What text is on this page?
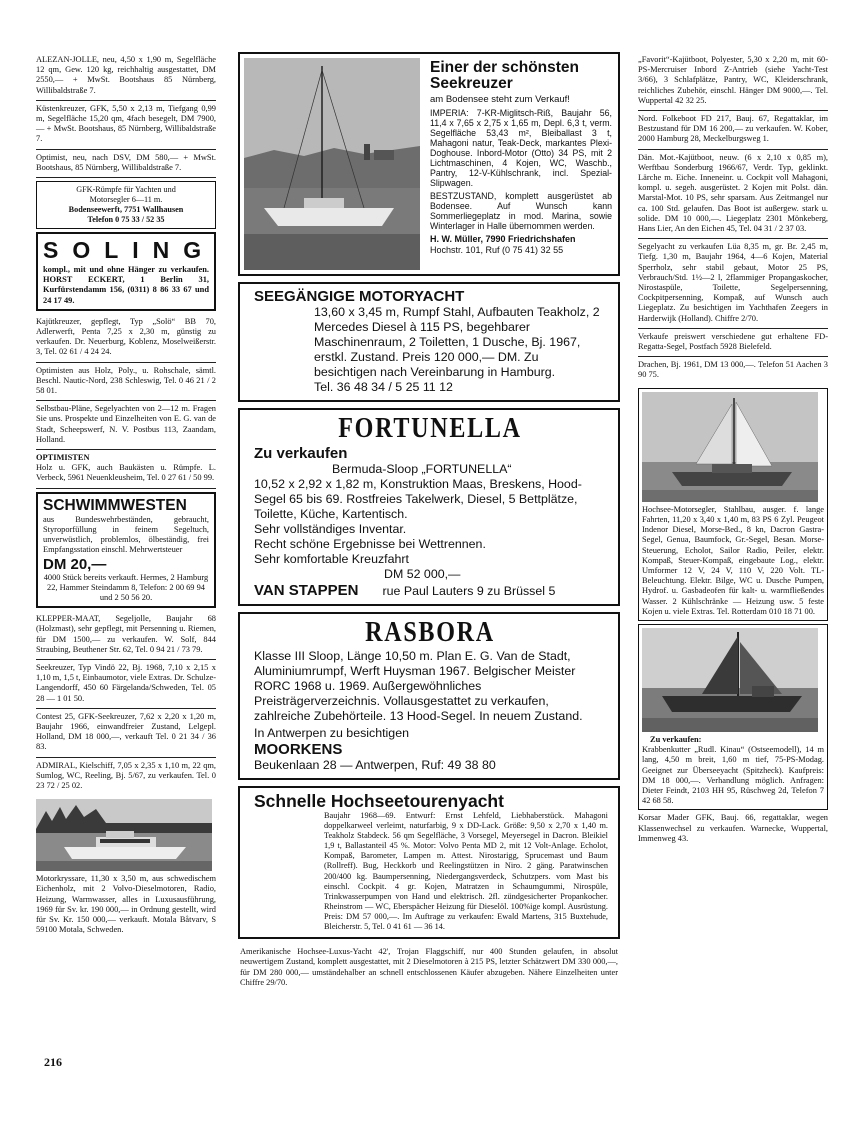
ALEZAN-JOLLE, neu, 4,50 x 1,90 m, Segelfläche 12 qm, Gew. 120 kg, reichhaltig ausgestattet, DM 2550,— + MwSt. Bootshaus 85 Nürnberg, Willibaldstraße 7.

Küstenkreuzer, GFK, 5,50 x 2,13 m, Tiefgang 0,99 m, Segelfläche 15,20 qm, 4fach besegelt, DM 7900,— + MwSt. Bootshaus, 85 Nürnberg, Willibaldstraße 7.

Optimist, neu, nach DSV, DM 580,— + MwSt. Bootshaus, 85 Nürnberg, Willibaldstraße 7.

GFK-Rümpfe für Yachten und
Motorsegler 6—11 m.
Bodenseewerft, 7751 Wallhausen
Telefon 0 75 33 / 52 35
SOLING

kompl., mit und ohne Hänger zu verkaufen. HORST ECKERT, 1 Berlin 31, Kurfürstendamm 156, (0311) 8 86 33 67 und 24 17 49.

Kajütkreuzer, gepflegt, Typ „Solö“ BB 70, Adlerwerft, Penta 7,25 x 2,30 m, günstig zu verkaufen. Dr. Neuerburg, Koblenz, Moselweißerstr. 3, Tel. 02 61 / 4 24 24.

Optimisten aus Holz, Poly., u. Rohschale, sämtl. Beschl. Nautic-Nord, 238 Schleswig, Tel. 0 46 21 / 2 58 01.

Selbstbau-Pläne, Segelyachten von 2—12 m. Fragen Sie uns. Prospekte und Einzelheiten von E. G. van de Stadt, Scheepswerf, N. V. Postbus 113, Zaandam, Holland.

OPTIMISTEN

Holz u. GFK, auch Baukästen u. Rümpfe. L. Verbeck, 5961 Neuenkleusheim, Tel. 0 27 61 / 50 99.

SCHWIMMWESTEN

aus Bundeswehrbeständen, gebraucht, Styroporfüllung in feinem Segeltuch, unverwüstlich, problemlos, ölbeständig, frei Empfangsstation einschl. Mehrwertsteuer

DM 20,—

4000 Stück bereits verkauft. Hermes, 2 Hamburg 22, Hammer Steindamm 8, Telefon: 2 00 69 94 und 2 50 56 20.

KLEPPER-MAAT, Segeljolle, Baujahr 68 (Holzmast), sehr gepflegt, mit Persenning u. Riemen, für DM 1500,— zu verkaufen. W. Solf, 844 Straubing, Beuthener Str. 62, Tel. 0 94 21 / 73 79.

Seekreuzer, Typ Vindö 22, Bj. 1968, 7,10 x 2,15 x 1,10 m, 1,5 t, Einbaumotor, viele Extras. Dr. Schulze-Langendorff, 450 60 Färgelanda/Schweden, Tel. 05 28 — 1 01 50.

Contest 25, GFK-Seekreuzer, 7,62 x 2,20 x 1,20 m, Baujahr 1966, einwandfreier Zustand, Lelgepl. Holland, DM 18 000,—, verkauft Tel. 0 21 34 / 36 83.

ADMIRAL, Kielschiff, 7,05 x 2,35 x 1,10 m, 22 qm, Sumlog, WC, Reeling, Bj. 5/67, zu verkaufen. Tel. 0 23 72 / 25 02.

Motorkryssare, 11,30 x 3,50 m, aus schwedischem Eichenholz, mit 2 Volvo-Dieselmotoren, Radio, Heizung, Warmwasser, alles in Luxusausführung, 1969 für Sv. kr. 190 000,— in Ordnung gestellt, wird für Sv. Kr. 150 000,— verkauft. Motala Båtvarv, S 59100 Motala, Schweden.

Einer der schönsten Seekreuzer
am Bodensee steht zum Verkauf!

IMPERIA: 7-KR-Miglitsch-Riß, Baujahr 56, 11,4 x 7,65 x 2,75 x 1,65 m, Depl. 6,3 t, verm. Segelfläche 53,43 m², Bleiballast 3 t, Mahagoni natur, Teak-Deck, markantes Plexi-Doghouse. Inbord-Motor (Otto) 34 PS, mit 2 Lichtmaschinen, 4 Kojen, WC, Waschb., Pantry, 12-V-Kühlschrank, incl. Spezial-Slipwagen.

BESTZUSTAND, komplett ausgerüstet ab Bodensee. Auf Wunsch kann Sommerliegeplatz in mod. Marina, sowie Winterlager in Halle übernommen werden.

H. W. Müller, 7990 Friedrichshafen
Hochstr. 101, Ruf (0 75 41) 32 55
SEEGÄNGIGE MOTORYACHT

13,60 x 3,45 m, Rumpf Stahl, Aufbauten Teakholz, 2 Mercedes Diesel à 115 PS, begehbarer Maschinenraum, 2 Toiletten, 1 Dusche, Bj. 1967, erstkl. Zustand. Preis 120 000,— DM. Zu besichtigen nach Vereinbarung in Hamburg.

Tel. 36 48 34 / 5 25 11 12

FORTUNELLA
Zu verkaufen

Bermuda-Sloop „FORTUNELLA“

10,52 x 2,92 x 1,82 m, Konstruktion Maas, Breskens, Hood-Segel 65 bis 69. Rostfreies Takelwerk, Diesel, 5 Bettplätze, Toilette, Küche, Kartentisch.

Sehr vollständiges Inventar.

Recht schöne Ergebnisse bei Wettrennen.

Sehr komfortable Kreuzfahrt

DM 52 000,—

VAN STAPPEN rue Paul Lauters 9 zu Brüssel 5
RASBORA

Klasse III Sloop, Länge 10,50 m. Plan E. G. Van de Stadt, Aluminiumrumpf, Werft Huysman 1967. Belgischer Meister RORC 1968 u. 1969. Außergewöhnliches Preisträgerverzeichnis. Vollausgestattet zu verkaufen, zahlreiche Zubehörteile. 13 Hood-Segel. In neuem Zustand.

In Antwerpen zu besichtigen

MOORKENS

Beukenlaan 28 — Antwerpen, Ruf: 49 38 80

Schnelle Hochseetourenyacht

Baujahr 1968—69. Entwurf: Ernst Lehfeld, Liebhaberstück. Mahagoni doppelkarweel verleimt, naturfarbig, 9 x DD-Lack. Größe: 9,50 x 2,70 x 1,40 m. Teakholz Stabdeck. 56 qm Segelfläche, 3 Vorsegel, Meyersegel in Dacron. Bleikiel 1,9 t, Ballastanteil 45 %. Motor: Volvo Penta MD 2, mit 12 Volt-Anlage. Echolot, Kompaß, Barometer, Lampen m. Attest. Nirostarigg, Sprucemast und Baum (Rollreff). Bug, Heckkorb und Reelingstützen in Niro. 2 gäng. Paratwinschen 200/400 kg. Baumpersenning, Niedergangsverdeck, Schutzpers. vom Mast bis einschl. Cockpit. 4 gr. Kojen, Matratzen in Schaumgummi, Nirospüle, Trinkwasserpumpen von Hand und elektrisch. 2fl. zündgesicherter Propankocher. Rheinstrom — WC, Eberspächer Heizung für Dieselöl. 100%ige kompl. Ausrüstung. Preis: DM 57 000,—. Im Auftrage zu verkaufen: Ewald Martens, 315 Buxtehude, Bleicherstr. 5, Tel. 0 41 61 — 36 14.

Amerikanische Hochsee-Luxus-Yacht 42', Trojan Flaggschiff, nur 400 Stunden gelaufen, in absolut neuwertigem Zustand, komplett ausgestattet, mit 2 Dieselmotoren à 215 PS, letzter Schätzwert DM 330 000,—, für DM 280 000,— umständehalber an schnell entschlossenen Käufer abzugeben. Nähere Einzelheiten unter Chiffre 29/70.

„Favorit“-Kajütboot, Polyester, 5,30 x 2,20 m, mit 60-PS-Mercruiser Inbord Z-Antrieb (siehe Yacht-Test 3/66), 3 Schlafplätze, Pantry, WC, Kleiderschrank, reichliches Zubehör, einschl. Hänger DM 9000,—. Tel. Wuppertal 42 32 25.

Nord. Folkeboot FD 217, Bauj. 67, Regattaklar, im Bestzustand für DM 16 200,— zu verkaufen. W. Kober, 2000 Hamburg 28, Meckelburgsweg 1.

Dän. Mot.-Kajütboot, neuw. (6 x 2,10 x 0,85 m), Werftbau Sonderburg 1966/67, Verdr. Typ, geklinkt. Lärche m. Eiche. Inneneinr. u. Cockpit voll Mahagoni, kompl. u. segeh. ausgerüstet. 2 Kojen mit Polst. dän. Marstal-Mot. 10 PS, sehr sparsam. Aus Zeitmangel nur ca. 100 Std. gelaufen. Das Boot ist außergew. stark u. solide. DM 10 000,—. Liegeplatz 2301 Mönkeberg, Hans Lier, An den Eichen 45, Tel. 04 31 / 2 37 03.

Segelyacht zu verkaufen Lüa 8,35 m, gr. Br. 2,45 m, Tiefg. 1,30 m, Baujahr 1964, 4—6 Kojen, Material Sperrholz, sehr stabil gebaut, Motor 25 PS, Verbrauch/Std. 1½—2 l, 2flammiger Propangaskocher, Nirostaspüle, Toilette, Segelpersenning, Cockpitpersenning, Kompaß, auf Wunsch auch Liegeplatz. Zu besichtigen im Yachthafen Zeegers in Harderwijk (Holland). Chiffre 2/70.

Verkaufe preiswert verschiedene gut erhaltene FD-Regatta-Segel, Postfach 5928 Bielefeld.

Drachen, Bj. 1961, DM 13 000,—. Telefon 51 Aachen 3 90 75.

Hochsee-Motorsegler, Stahlbau, ausger. f. lange Fahrten, 11,20 x 3,40 x 1,40 m, 83 PS 6 Zyl. Peugeot Indenor Diesel, Morse-Bed., 8 kn, Dacron Gastra-Segel, Genua, Baumfock, Gr.-Segel, Besan. Morse-Steuerung, Echolot, Sailor Radio, Peiler, elektr. Kompaß, Steuer-Kompaß, eingebaute Log., elektr. Umformer 12 V, 24 V, 110 V, 220 Volt. TL-Beleuchtung. Elektr. Bilge, WC u. Dusche Pumpen, Hydrof. u. Gasbadeofen für kalt- u. warmfließendes Wasser. 2 Kühlschränke — Heizung usw. 5 feste Kojen u. viele Extras. Tel. Rotterdam 010 18 71 00.

Zu verkaufen:

Krabbenkutter „Rudl. Kinau“ (Ostseemodell), 14 m lang, 4,50 m breit, 1,60 m tief, 75-PS-Modag. Geeignet zur Überseeyacht (Spitzheck). Kaufpreis: DM 18 000,—. Verhandlung möglich. Anfragen: Dieter Feindt, 2103 HH 95, Rüschweg 2d, Telefon 7 42 68 58.

Korsar Mader GFK, Bauj. 66, regattaklar, wegen Klassenwechsel zu verkaufen. Warnecke, Wuppertal, Immenweg 43.

216
